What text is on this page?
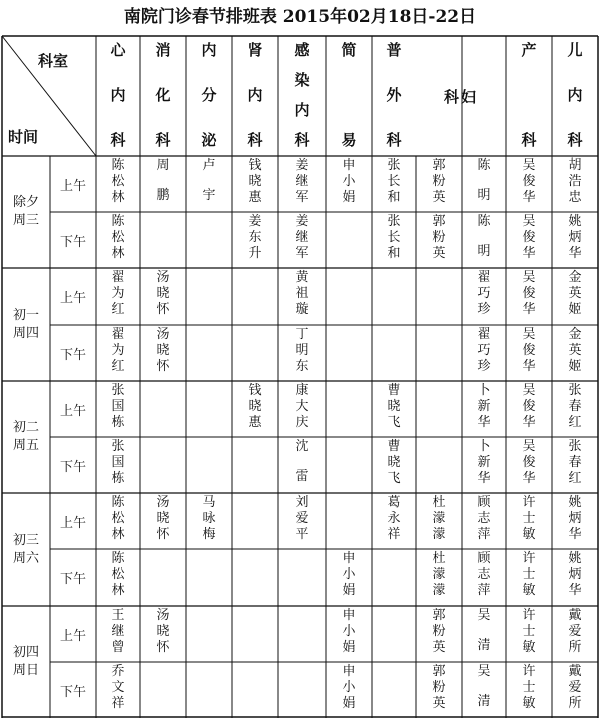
南院门诊春节排班表 2015年02月18日-22日
科室
时间
心
内
科
消
化
科
内
分
泌
肾
内
科
感
染
内
科
简
易
普
外
科
科妇
产
科
儿
内
科
除夕
周三
上午
陈
松
林
周
鹏
卢
宇
钱
晓
惠
姜
继
军
申
小
娟
张
长
和
郭
粉
英
陈
明
吴
俊
华
胡
浩
忠
下午
陈
松
林
姜
东
升
姜
继
军
张
长
和
郭
粉
英
陈
明
吴
俊
华
姚
炳
华
初一
周四
上午
翟
为
红
汤
晓
怀
黄
祖
璇
翟
巧
珍
吴
俊
华
金
英
姬
下午
翟
为
红
汤
晓
怀
丁
明
东
翟
巧
珍
吴
俊
华
金
英
姬
初二
周五
上午
张
国
栋
钱
晓
惠
康
大
庆
曹
晓
飞
卜
新
华
吴
俊
华
张
春
红
下午
张
国
栋
沈
雷
曹
晓
飞
卜
新
华
吴
俊
华
张
春
红
初三
周六
上午
陈
松
林
汤
晓
怀
马
咏
梅
刘
爱
平
葛
永
祥
杜
濛
濛
顾
志
萍
许
士
敏
姚
炳
华
下午
陈
松
林
申
小
娟
杜
濛
濛
顾
志
萍
许
士
敏
姚
炳
华
初四
周日
上午
王
继
曾
汤
晓
怀
申
小
娟
郭
粉
英
吴
清
许
士
敏
戴
爱
所
下午
乔
文
祥
申
小
娟
郭
粉
英
吴
清
许
士
敏
戴
爱
所
